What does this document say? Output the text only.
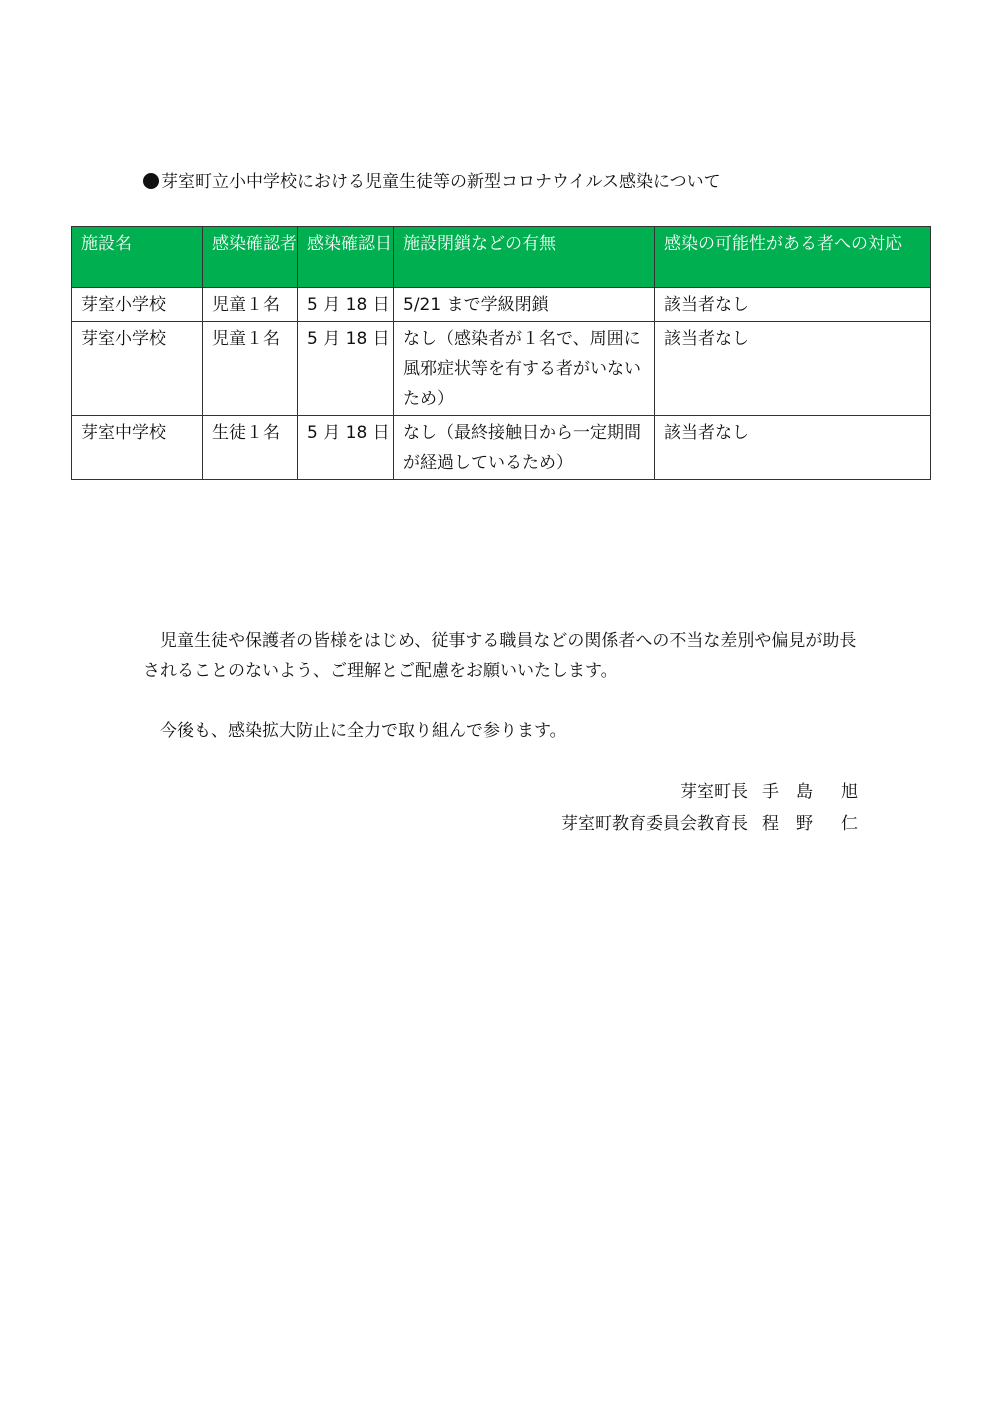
芽室町立小中学校における児童生徒等の新型コロナウイルス感染について
施設名	感染確認者	感染確認日	施設閉鎖などの有無	感染の可能性がある者への対応
芽室小学校	児童１名	5 月 18 日	5/21 まで学級閉鎖	該当者なし
芽室小学校	児童１名	5 月 18 日	なし（感染者が１名で、周囲に風邪症状等を有する者がいないため）	該当者なし
芽室中学校	生徒１名	5 月 18 日	なし（最終接触日から一定期間が経過しているため）	該当者なし
児童生徒や保護者の皆様をはじめ、従事する職員などの関係者への不当な差別や偏見が助長されることのないよう、ご理解とご配慮をお願いいたします。
今後も、感染拡大防止に全力で取り組んで参ります。
芽室町長 手　島 旭
芽室町教育委員会教育長 程　野 仁
